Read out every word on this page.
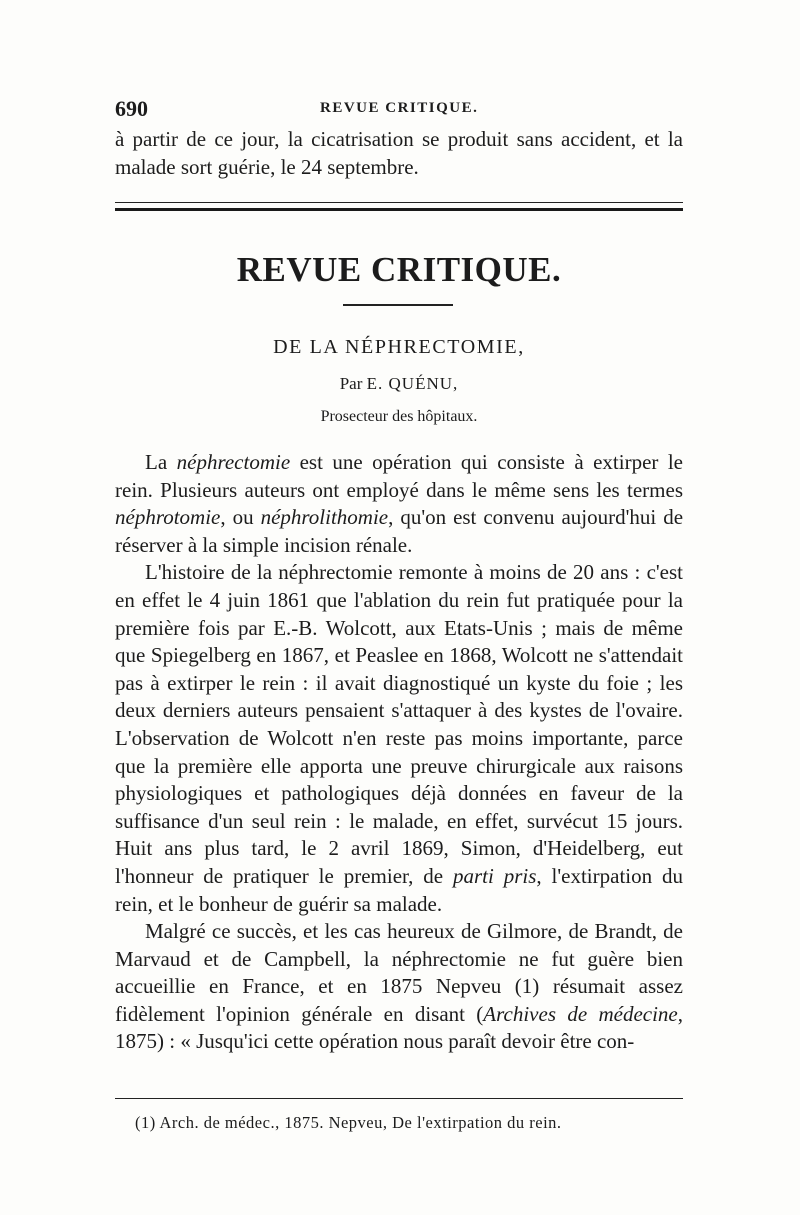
690	REVUE CRITIQUE.

à partir de ce jour, la cicatrisation se produit sans accident, et la malade sort guérie, le 24 septembre.

REVUE CRITIQUE.
DE LA NÉPHRECTOMIE,
Par E. QUÉNU,
Prosecteur des hôpitaux.

La néphrectomie est une opération qui consiste à extirper le rein. Plusieurs auteurs ont employé dans le même sens les termes néphrotomie, ou néphrolithomie, qu'on est convenu aujourd'hui de réserver à la simple incision rénale.

L'histoire de la néphrectomie remonte à moins de 20 ans : c'est en effet le 4 juin 1861 que l'ablation du rein fut pratiquée pour la première fois par E.-B. Wolcott, aux Etats-Unis ; mais de même que Spiegelberg en 1867, et Peaslee en 1868, Wolcott ne s'attendait pas à extirper le rein : il avait diagnostiqué un kyste du foie ; les deux derniers auteurs pensaient s'attaquer à des kystes de l'ovaire. L'observation de Wolcott n'en reste pas moins importante, parce que la première elle apporta une preuve chirurgicale aux raisons physiologiques et pathologiques déjà données en faveur de la suffisance d'un seul rein : le malade, en effet, survécut 15 jours. Huit ans plus tard, le 2 avril 1869, Simon, d'Heidelberg, eut l'honneur de pratiquer le premier, de parti pris, l'extirpation du rein, et le bonheur de guérir sa malade.

Malgré ce succès, et les cas heureux de Gilmore, de Brandt, de Marvaud et de Campbell, la néphrectomie ne fut guère bien accueillie en France, et en 1875 Nepveu (1) résumait assez fidèlement l'opinion générale en disant (Archives de médecine, 1875) : « Jusqu'ici cette opération nous paraît devoir être con-

(1) Arch. de médec., 1875. Nepveu, De l'extirpation du rein.
